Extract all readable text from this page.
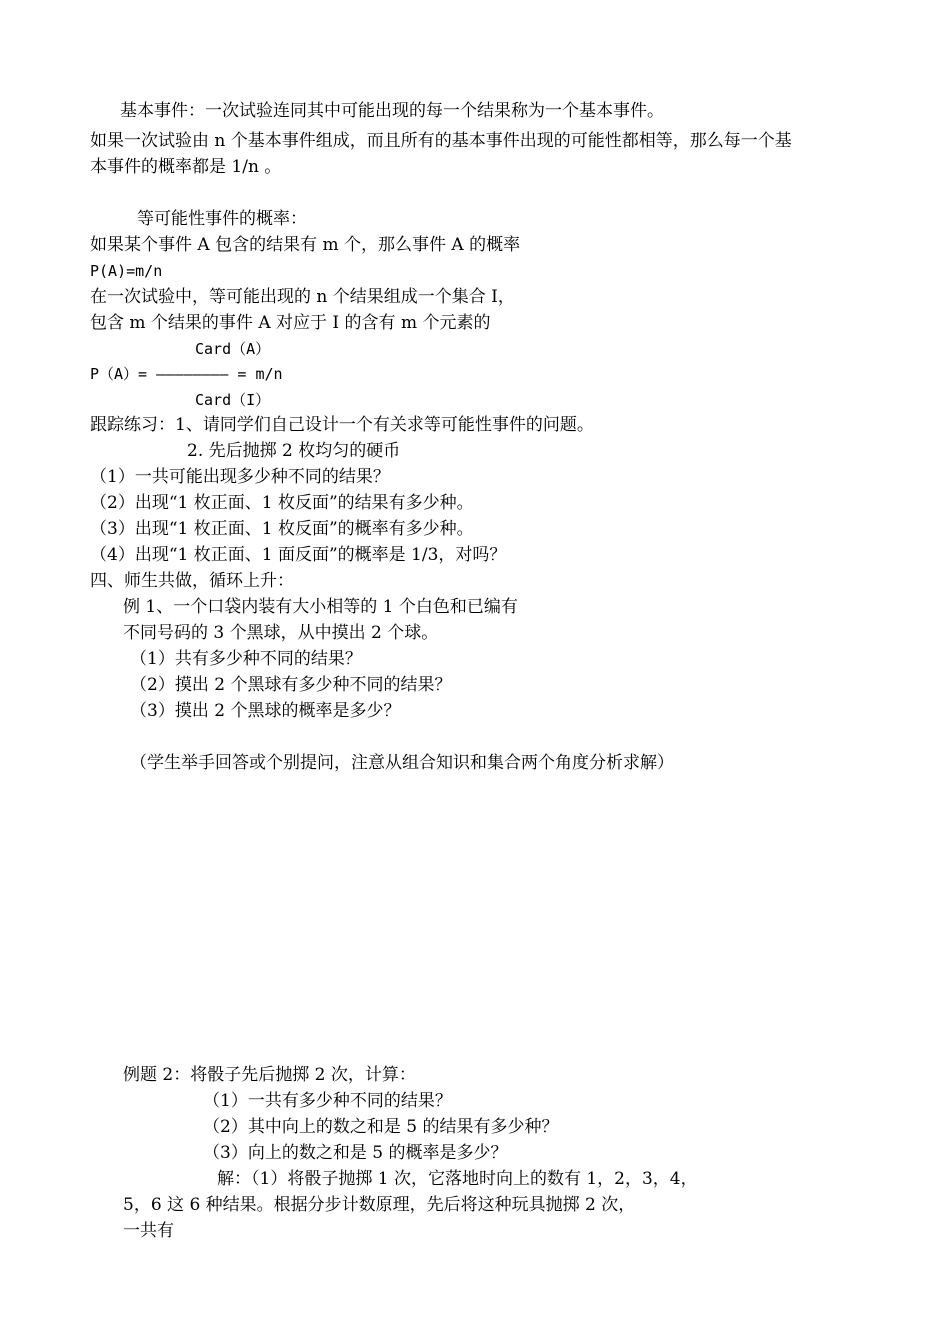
基本事件：一次试验连同其中可能出现的每一个结果称为一个基本事件。
如果一次试验由 n 个基本事件组成，而且所有的基本事件出现的可能性都相等，那么每一个基
本事件的概率都是 1/n 。
等可能性事件的概率：
如果某个事件 A 包含的结果有 m 个，那么事件 A 的概率
P(A)=m/n
在一次试验中，等可能出现的 n 个结果组成一个集合 I，
包含 m 个结果的事件 A 对应于 I 的含有 m 个元素的
Card（A）
P（A）= ———————— = m/n
Card（I）
跟踪练习：1、请同学们自己设计一个有关求等可能性事件的问题。
2. 先后抛掷 2 枚均匀的硬币
（1）一共可能出现多少种不同的结果？
（2）出现“1 枚正面、1 枚反面”的结果有多少种。
（3）出现“1 枚正面、1 枚反面”的概率有多少种。
（4）出现“1 枚正面、1 面反面”的概率是 1/3，对吗？
四、师生共做，循环上升：
例 1、一个口袋内装有大小相等的 1 个白色和已编有
不同号码的 3 个黑球，从中摸出 2 个球。
（1）共有多少种不同的结果？
（2）摸出 2 个黑球有多少种不同的结果？
（3）摸出 2 个黑球的概率是多少？
（学生举手回答或个别提问，注意从组合知识和集合两个角度分析求解）
例题 2：将骰子先后抛掷 2 次，计算：
（1）一共有多少种不同的结果？
（2）其中向上的数之和是 5 的结果有多少种？
（3）向上的数之和是 5 的概率是多少？
解：（1）将骰子抛掷 1 次，它落地时向上的数有 1，2，3，4，
5，6 这 6 种结果。根据分步计数原理，先后将这种玩具抛掷 2 次，
一共有
